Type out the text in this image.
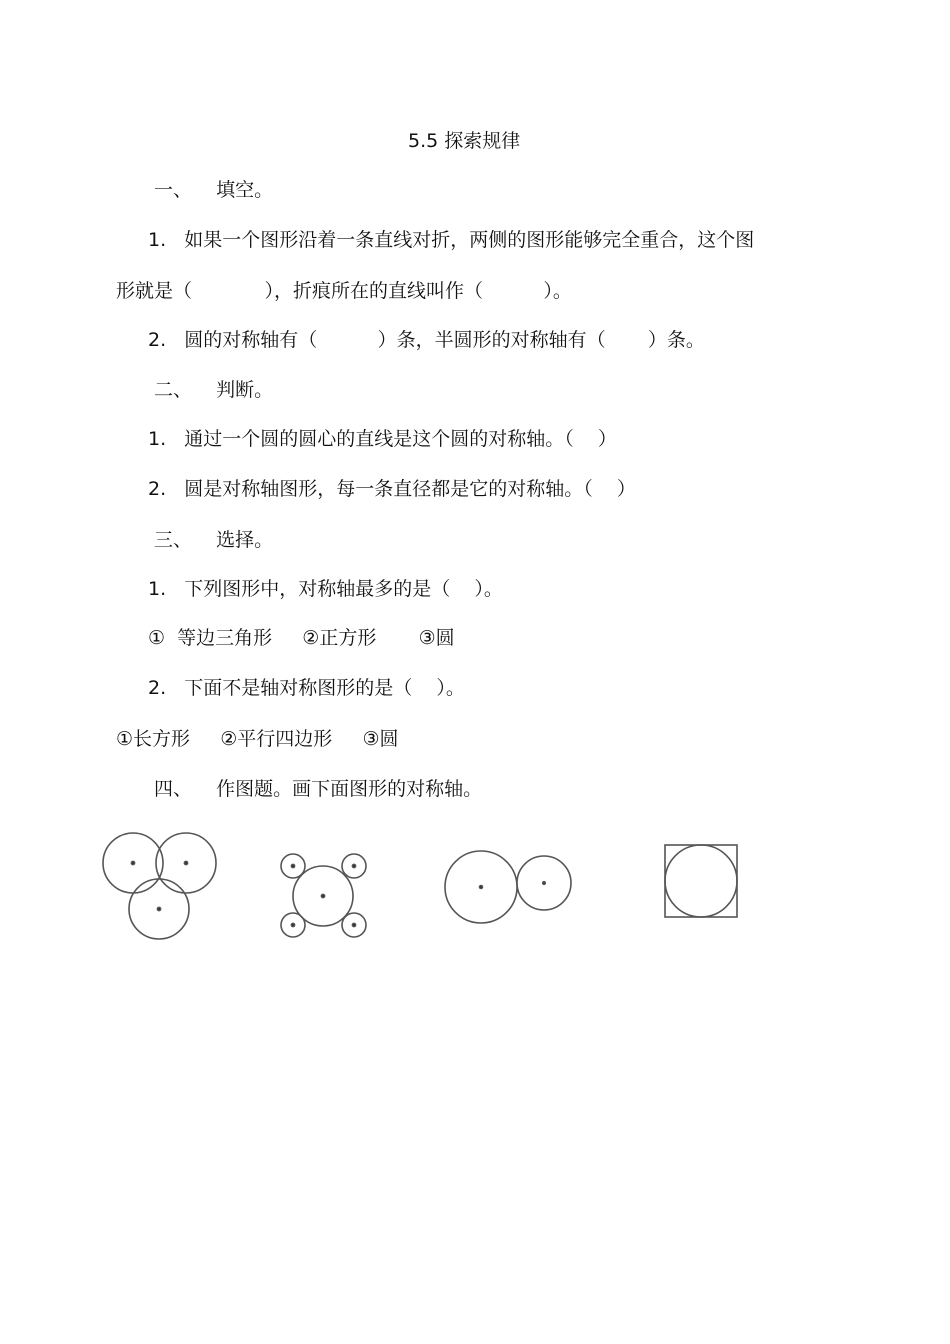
5.5 探索规律
一、    填空。
1.   如果一个图形沿着一条直线对折，两侧的图形能够完全重合，这个图
形就是（            ），折痕所在的直线叫作（          ）。
2.   圆的对称轴有（          ）条，半圆形的对称轴有（       ）条。
二、    判断。
1.   通过一个圆的圆心的直线是这个圆的对称轴。（    ）
2.   圆是对称轴图形，每一条直径都是它的对称轴。（    ）
三、    选择。
1.   下列图形中，对称轴最多的是（    ）。
①  等边三角形     ②正方形       ③圆
2.   下面不是轴对称图形的是（    ）。
①长方形     ②平行四边形     ③圆
四、    作图题。画下面图形的对称轴。
